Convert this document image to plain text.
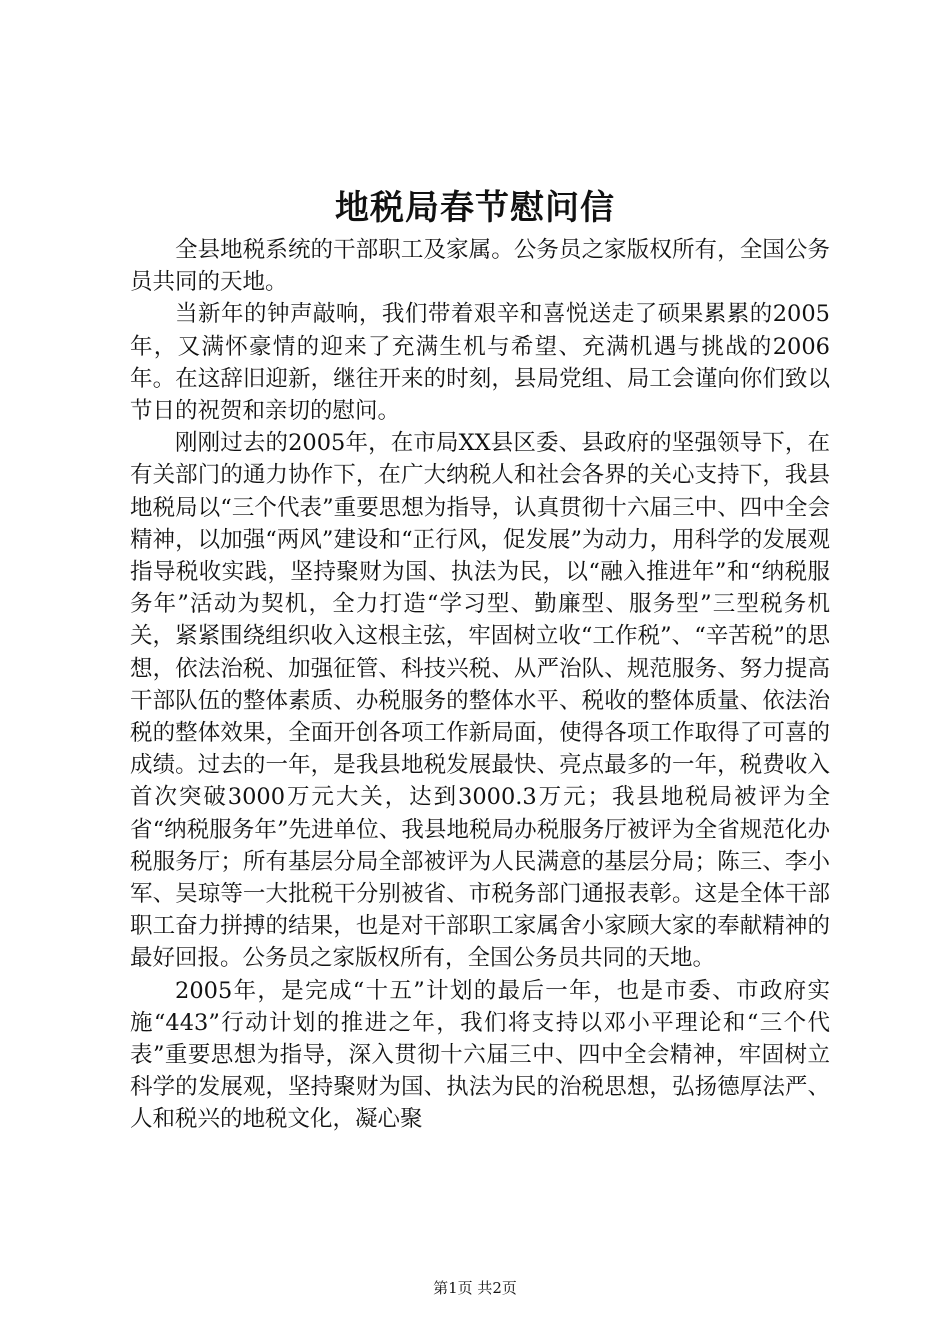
地税局春节慰问信

全县地税系统的干部职工及家属。公务员之家版权所有，全国公务员共同的天地。

当新年的钟声敲响，我们带着艰辛和喜悦送走了硕果累累的2005年，又满怀豪情的迎来了充满生机与希望、充满机遇与挑战的2006年。在这辞旧迎新，继往开来的时刻，县局党组、局工会谨向你们致以节日的祝贺和亲切的慰问。

刚刚过去的2005年，在市局XX县区委、县政府的坚强领导下，在有关部门的通力协作下，在广大纳税人和社会各界的关心支持下，我县地税局以“三个代表”重要思想为指导，认真贯彻十六届三中、四中全会精神，以加强“两风”建设和“正行风，促发展”为动力，用科学的发展观指导税收实践，坚持聚财为国、执法为民，以“融入推进年”和“纳税服务年”活动为契机，全力打造“学习型、勤廉型、服务型”三型税务机关，紧紧围绕组织收入这根主弦，牢固树立收“工作税”、“辛苦税”的思想，依法治税、加强征管、科技兴税、从严治队、规范服务、努力提高干部队伍的整体素质、办税服务的整体水平、税收的整体质量、依法治税的整体效果，全面开创各项工作新局面，使得各项工作取得了可喜的成绩。过去的一年，是我县地税发展最快、亮点最多的一年，税费收入首次突破3000万元大关，达到3000.3万元；我县地税局被评为全省“纳税服务年”先进单位、我县地税局办税服务厅被评为全省规范化办税服务厅；所有基层分局全部被评为人民满意的基层分局；陈三、李小军、吴琼等一大批税干分别被省、市税务部门通报表彰。这是全体干部职工奋力拼搏的结果，也是对干部职工家属舍小家顾大家的奉献精神的最好回报。公务员之家版权所有，全国公务员共同的天地。

2005年，是完成“十五”计划的最后一年，也是市委、市政府实施“443”行动计划的推进之年，我们将支持以邓小平理论和“三个代表”重要思想为指导，深入贯彻十六届三中、四中全会精神，牢固树立科学的发展观，坚持聚财为国、执法为民的治税思想，弘扬德厚法严、人和税兴的地税文化，凝心聚

第1页 共2页
